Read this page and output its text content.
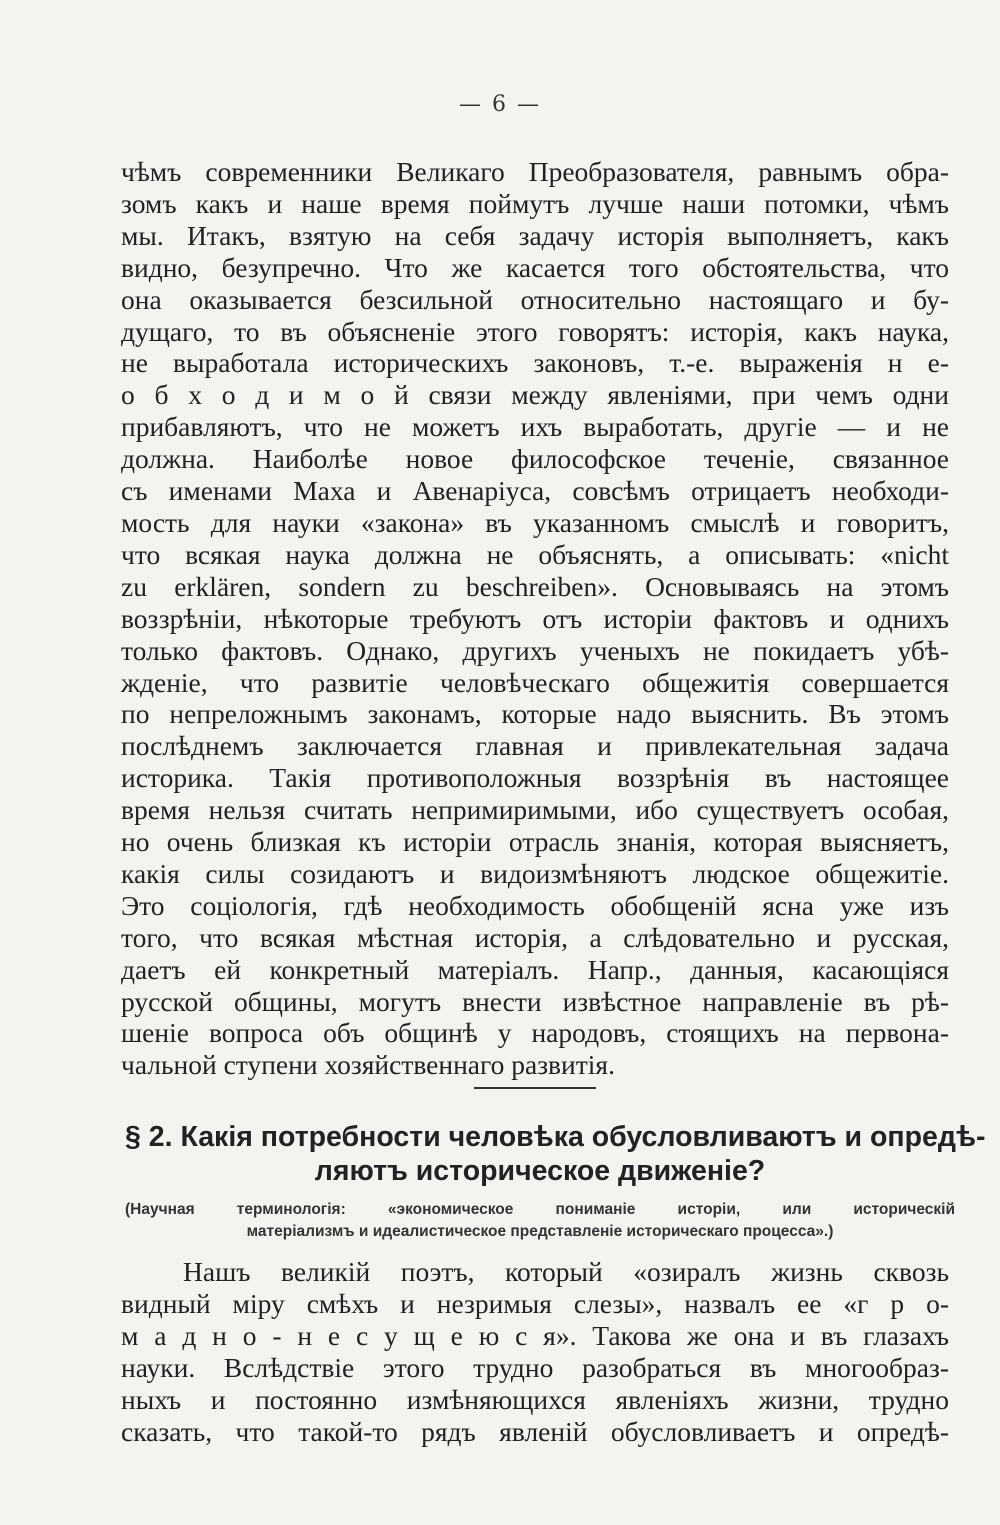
— 6 —
чѣмъ современники Великаго Преобразователя, равнымъ обра-
зомъ какъ и наше время поймутъ лучше наши потомки, чѣмъ
мы. Итакъ, взятую на себя задачу исторія выполняетъ, какъ
видно, безупречно. Что же касается того обстоятельства, что
она оказывается безсильной относительно настоящаго и бу-
дущаго, то въ объясненіе этого говорятъ: исторія, какъ наука,
не выработала историческихъ законовъ, т.-е. выраженія н е-
о б х о д и м о й связи между явленіями, при чемъ одни
прибавляютъ, что не можетъ ихъ выработать, другіе — и не
должна. Наиболѣе новое философское теченіе, связанное
съ именами Маха и Авенаріуса, совсѣмъ отрицаетъ необходи-
мость для науки «закона» въ указанномъ смыслѣ и говоритъ,
что всякая наука должна не объяснять, а описывать: «nicht
zu erklären, sondern zu beschreiben». Основываясь на этомъ
воззрѣніи, нѣкоторые требуютъ отъ исторіи фактовъ и однихъ
только фактовъ. Однако, другихъ ученыхъ не покидаетъ убѣ-
жденіе, что развитіе человѣческаго общежитія совершается
по непреложнымъ законамъ, которые надо выяснить. Въ этомъ
послѣднемъ заключается главная и привлекательная задача
историка. Такія противоположныя воззрѣнія въ настоящее
время нельзя считать непримиримыми, ибо существуетъ особая,
но очень близкая къ исторіи отрасль знанія, которая выясняетъ,
какія силы созидаютъ и видоизмѣняютъ людское общежитіе.
Это соціологія, гдѣ необходимость обобщеній ясна уже изъ
того, что всякая мѣстная исторія, а слѣдовательно и русская,
даетъ ей конкретный матеріалъ. Напр., данныя, касающіяся
русской общины, могутъ внести извѣстное направленіе въ рѣ-
шеніе вопроса объ общинѣ у народовъ, стоящихъ на первона-
чальной ступени хозяйственнаго развитія.
§ 2. Какія потребности человѣка обусловливаютъ и опредѣ-
ляютъ историческое движеніе?
(Научная терминологія: «экономическое пониманіе исторіи, или историческій
матеріализмъ и идеалистическое представленіе историческаго процесса».)
Нашъ великій поэтъ, который «озиралъ жизнь сквозь
видный міру смѣхъ и незримыя слезы», назвалъ ее «г р о-
м а д н о - н е с у щ е ю с я». Такова же она и въ глазахъ
науки. Вслѣдствіе этого трудно разобраться въ многообраз-
ныхъ и постоянно измѣняющихся явленіяхъ жизни, трудно
сказать, что такой-то рядъ явленій обусловливаетъ и опредѣ-
